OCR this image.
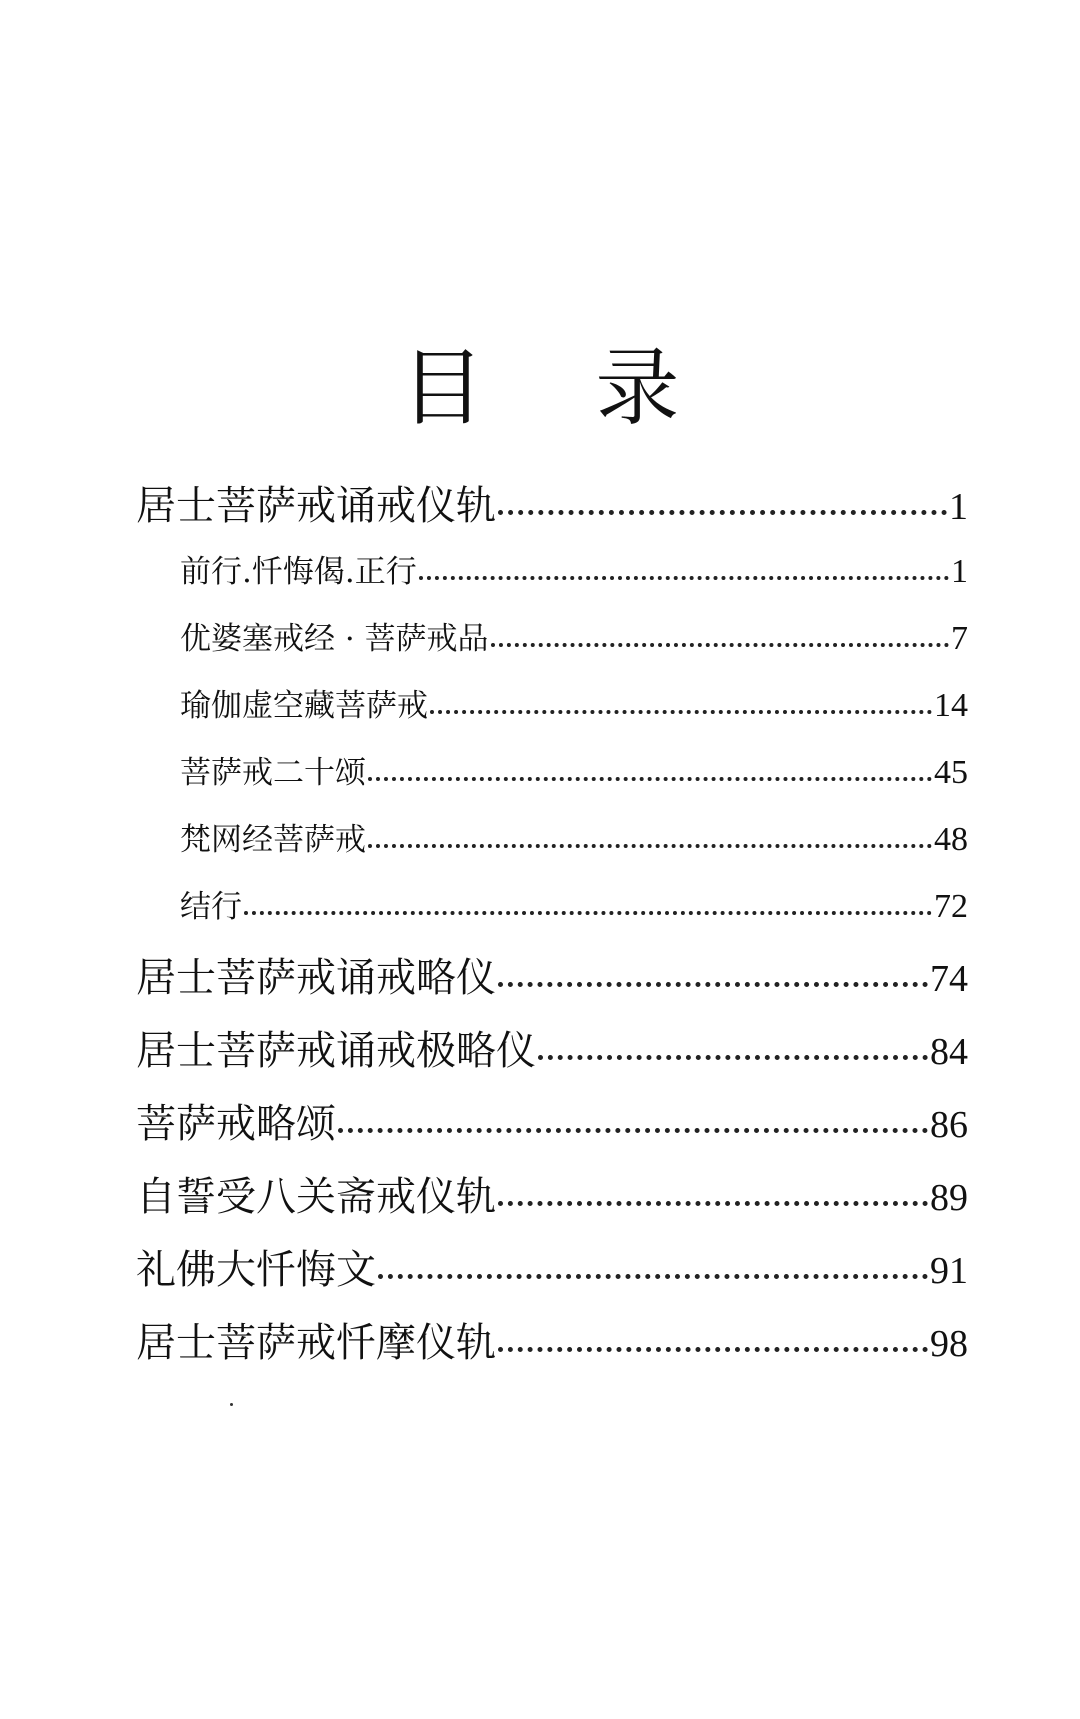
目 录
居士菩萨戒诵戒仪轨	1
前行.忏悔偈.正行	1
优婆塞戒经 · 菩萨戒品	7
瑜伽虚空藏菩萨戒	14
菩萨戒二十颂	45
梵网经菩萨戒	48
结行	72
居士菩萨戒诵戒略仪	74
居士菩萨戒诵戒极略仪	84
菩萨戒略颂	86
自誓受八关斋戒仪轨	89
礼佛大忏悔文	91
居士菩萨戒忏摩仪轨	98
